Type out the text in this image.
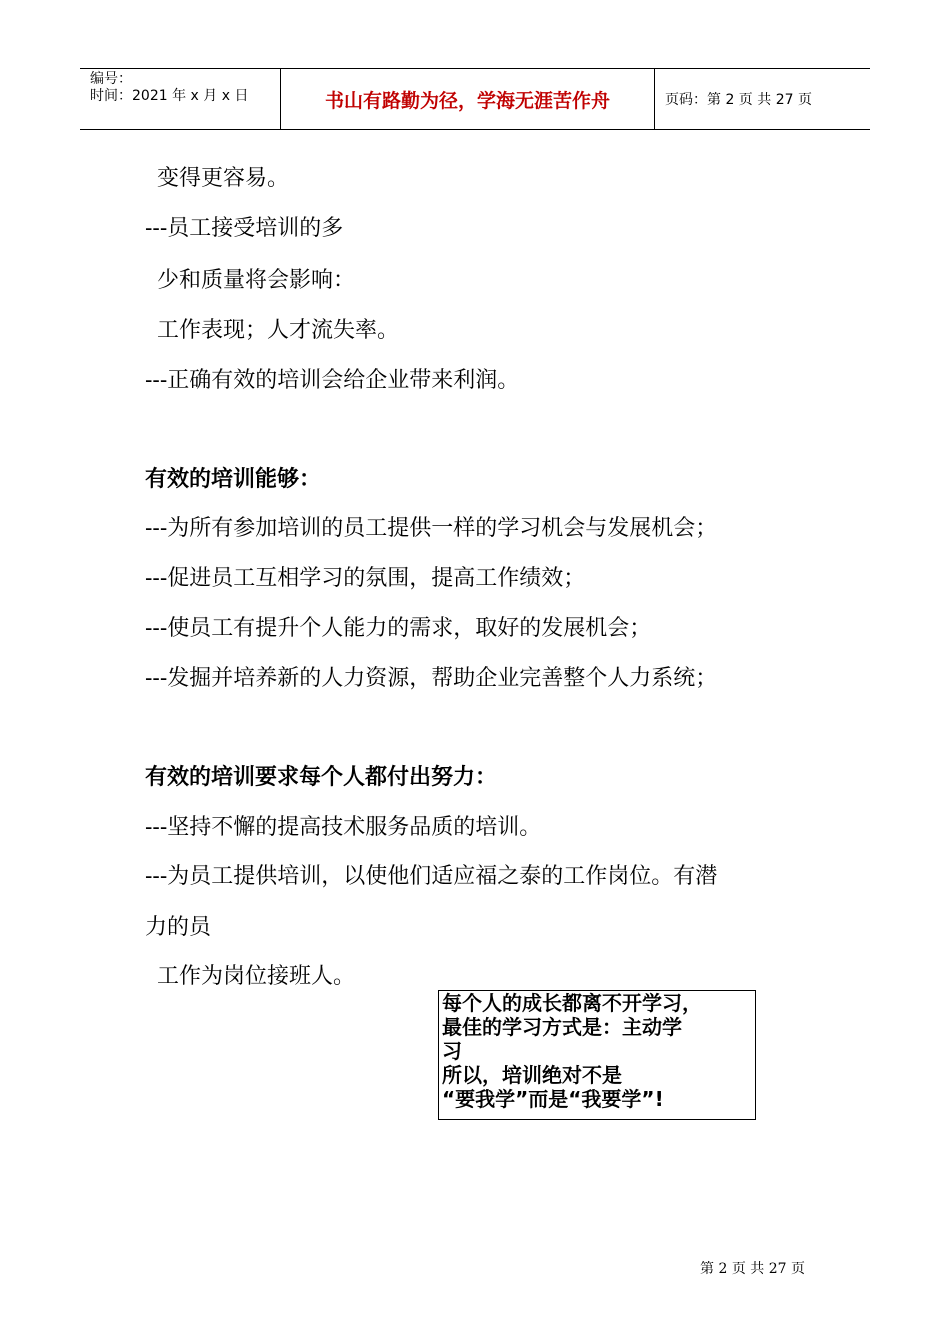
编号：
时间：2021 年 x 月 x 日	书山有路勤为径，学海无涯苦作舟	页码：第 2 页 共 27 页
变得更容易。
---员工接受培训的多
少和质量将会影响：
工作表现；人才流失率。
---正确有效的培训会给企业带来利润。
有效的培训能够：
---为所有参加培训的员工提供一样的学习机会与发展机会；
---促进员工互相学习的氛围，提高工作绩效；
---使员工有提升个人能力的需求，取好的发展机会；
---发掘并培养新的人力资源，帮助企业完善整个人力系统；
有效的培训要求每个人都付出努力：
---坚持不懈的提高技术服务品质的培训。
---为员工提供培训，以使他们适应福之泰的工作岗位。有潜
力的员
工作为岗位接班人。
每个人的成长都离不开学习，
最佳的学习方式是：主动学
习
所以，培训绝对不是
“要我学”而是“我要学”!
第 2 页 共 27 页
